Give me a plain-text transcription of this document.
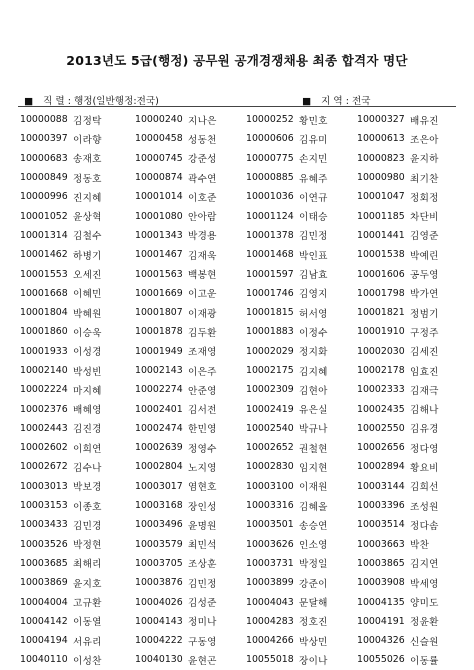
2013년도 5급(행정) 공무원 공개경쟁채용 최종 합격자 명단
■ 직 렬 : 행정(일반행정:전국)	■ 지 역 : 전국
10000088 김정탁	10000240 지나은	10000252 황민호	10000327 배유진
10000397 이라향	10000458 성동천	10000606 김유미	10000613 조은아
10000683 송재호	10000745 강준성	10000775 손지민	10000823 윤지하
10000849 정동호	10000874 곽수연	10000885 유혜주	10000980 최기찬
10000996 진지혜	10001014 이호준	10001036 이연규	10001047 정회정
10001052 윤상혁	10001080 안아람	10001124 이태승	10001185 차단비
10001314 김철수	10001343 박경용	10001378 김민정	10001441 김영준
10001462 하병기	10001467 김재욱	10001468 박인표	10001538 박예린
10001553 오세진	10001563 백봉현	10001597 김남효	10001606 공두영
10001668 이혜민	10001669 이고운	10001746 김영지	10001798 박가연
10001804 박혜원	10001807 이재광	10001815 허서영	10001821 정범기
10001860 이승욱	10001878 김두환	10001883 이정수	10001910 구정주
10001933 이성경	10001949 조재영	10002029 정지화	10002030 김세진
10002140 박성빈	10002143 이은주	10002175 김지혜	10002178 임효진
10002224 마지혜	10002274 안준영	10002309 김현아	10002333 김재극
10002376 배혜영	10002401 김서전	10002419 유은실	10002435 김해나
10002443 김진경	10002474 한민영	10002540 박규나	10002550 김유경
10002602 이희연	10002639 정영수	10002652 권철현	10002656 정다영
10002672 김수나	10002804 노지영	10002830 임지현	10002894 황요비
10003013 박보경	10003017 염현호	10003100 이재원	10003144 김희선
10003153 이종호	10003168 장인성	10003316 김혜올	10003396 조성원
10003433 김민경	10003496 윤명원	10003501 송승연	10003514 정다솜
10003526 박정현	10003579 최민석	10003626 인소영	10003663 박찬
10003685 최해리	10003705 조상훈	10003731 박정일	10003865 김지연
10003869 윤지호	10003876 김민정	10003899 강준이	10003908 박세영
10004004 고규환	10004026 김성준	10004043 문달해	10004135 양미도
10004142 이동열	10004143 정미나	10004283 정호진	10004191 정윤환
10004194 서유리	10004222 구동영	10004266 박상민	10004326 신슬원
10040110 이성찬	10040130 윤현곤	10055018 장이나	10055026 이동률
